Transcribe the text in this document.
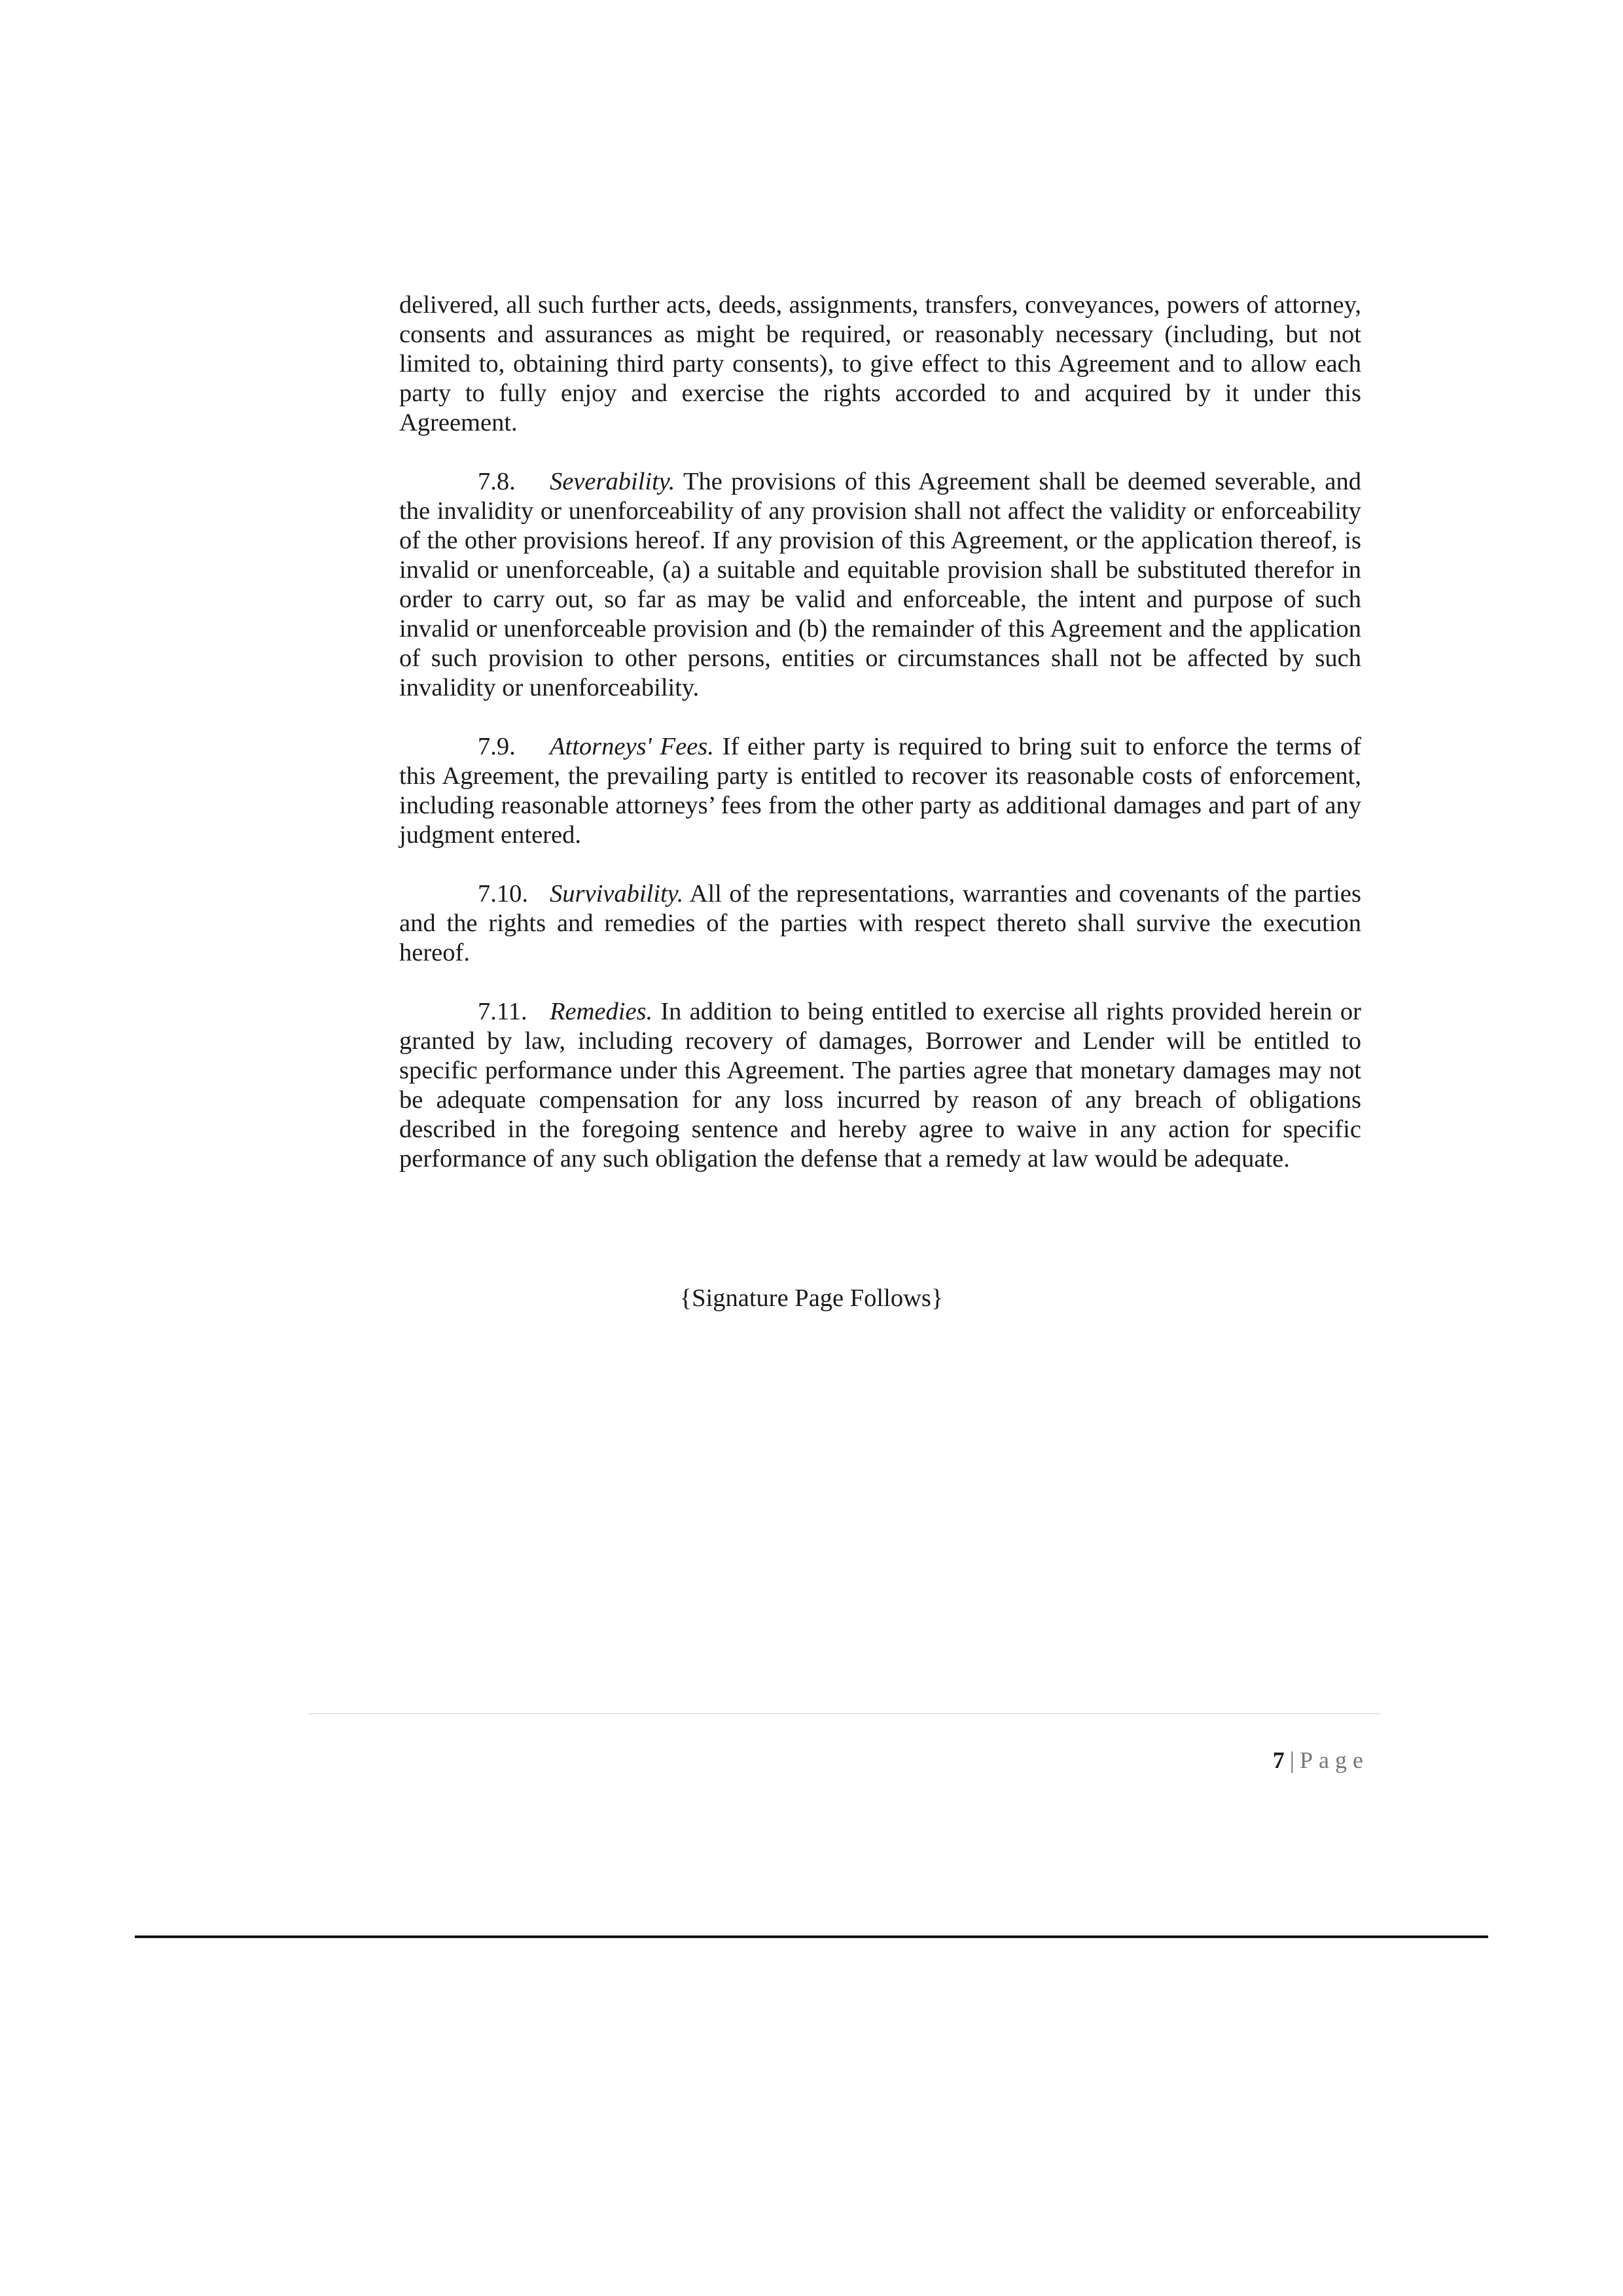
delivered, all such further acts, deeds, assignments, transfers, conveyances, powers of attorney, consents and assurances as might be required, or reasonably necessary (including, but not limited to, obtaining third party consents), to give effect to this Agreement and to allow each party to fully enjoy and exercise the rights accorded to and acquired by it under this Agreement.

7.8. Severability. The provisions of this Agreement shall be deemed severable, and the invalidity or unenforceability of any provision shall not affect the validity or enforceability of the other provisions hereof. If any provision of this Agreement, or the application thereof, is invalid or unenforceable, (a) a suitable and equitable provision shall be substituted therefor in order to carry out, so far as may be valid and enforceable, the intent and purpose of such invalid or unenforceable provision and (b) the remainder of this Agreement and the application of such provision to other persons, entities or circumstances shall not be affected by such invalidity or unenforceability.

7.9. Attorneys' Fees. If either party is required to bring suit to enforce the terms of this Agreement, the prevailing party is entitled to recover its reasonable costs of enforcement, including reasonable attorneys’ fees from the other party as additional damages and part of any judgment entered.

7.10. Survivability. All of the representations, warranties and covenants of the parties and the rights and remedies of the parties with respect thereto shall survive the execution hereof.

7.11. Remedies. In addition to being entitled to exercise all rights provided herein or granted by law, including recovery of damages, Borrower and Lender will be entitled to specific performance under this Agreement. The parties agree that monetary damages may not be adequate compensation for any loss incurred by reason of any breach of obligations described in the foregoing sentence and hereby agree to waive in any action for specific performance of any such obligation the defense that a remedy at law would be adequate.

{Signature Page Follows}
7 | Page
